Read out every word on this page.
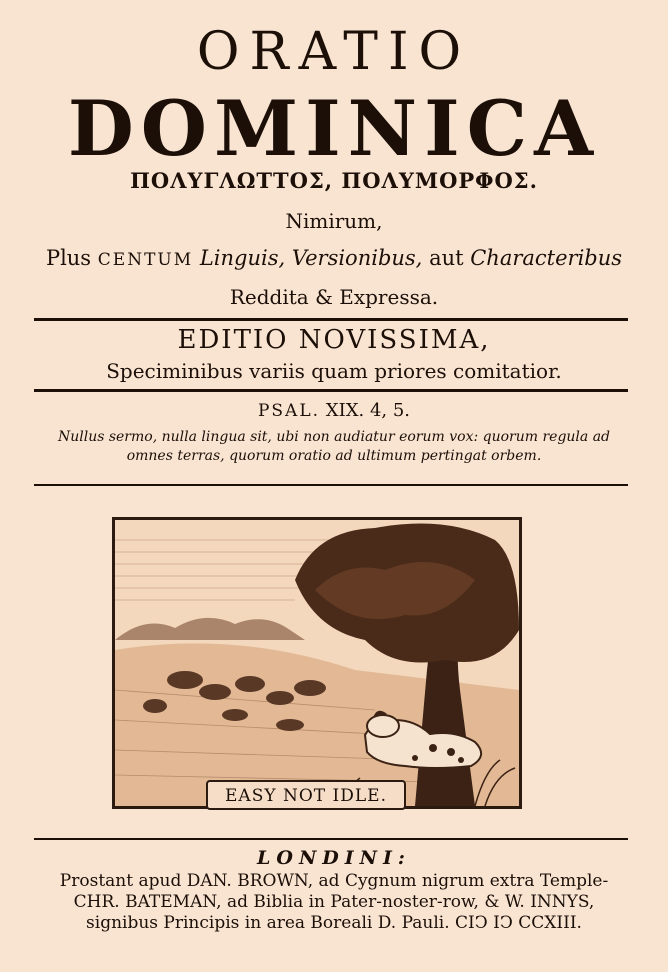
ORATIO
DOMINICA
ΠΟΛΥΓΛΩΤΤΟΣ, ΠΟΛΥΜΟΡΦΟΣ.
Nimirum,
Plus CENTUM Linguis, Versionibus, aut Characteribus
Reddita & Expressa.
EDITIO NOVISSIMA,
Speciminibus variis quam priores comitatior.
PSAL. XIX. 4, 5.
Nullus sermo, nulla lingua sit, ubi non audiatur eorum vox: quorum regula ad
omnes terras, quorum oratio ad ultimum pertingat orbem.
EASY NOT IDLE.
LONDINI:
Prostant apud DAN. BROWN, ad Cygnum nigrum extra Temple-
CHR. BATEMAN, ad Biblia in Pater-noster-row, & W. INNYS,
signibus Principis in area Boreali D. Pauli. CIↃ IↃ CCXIII.
